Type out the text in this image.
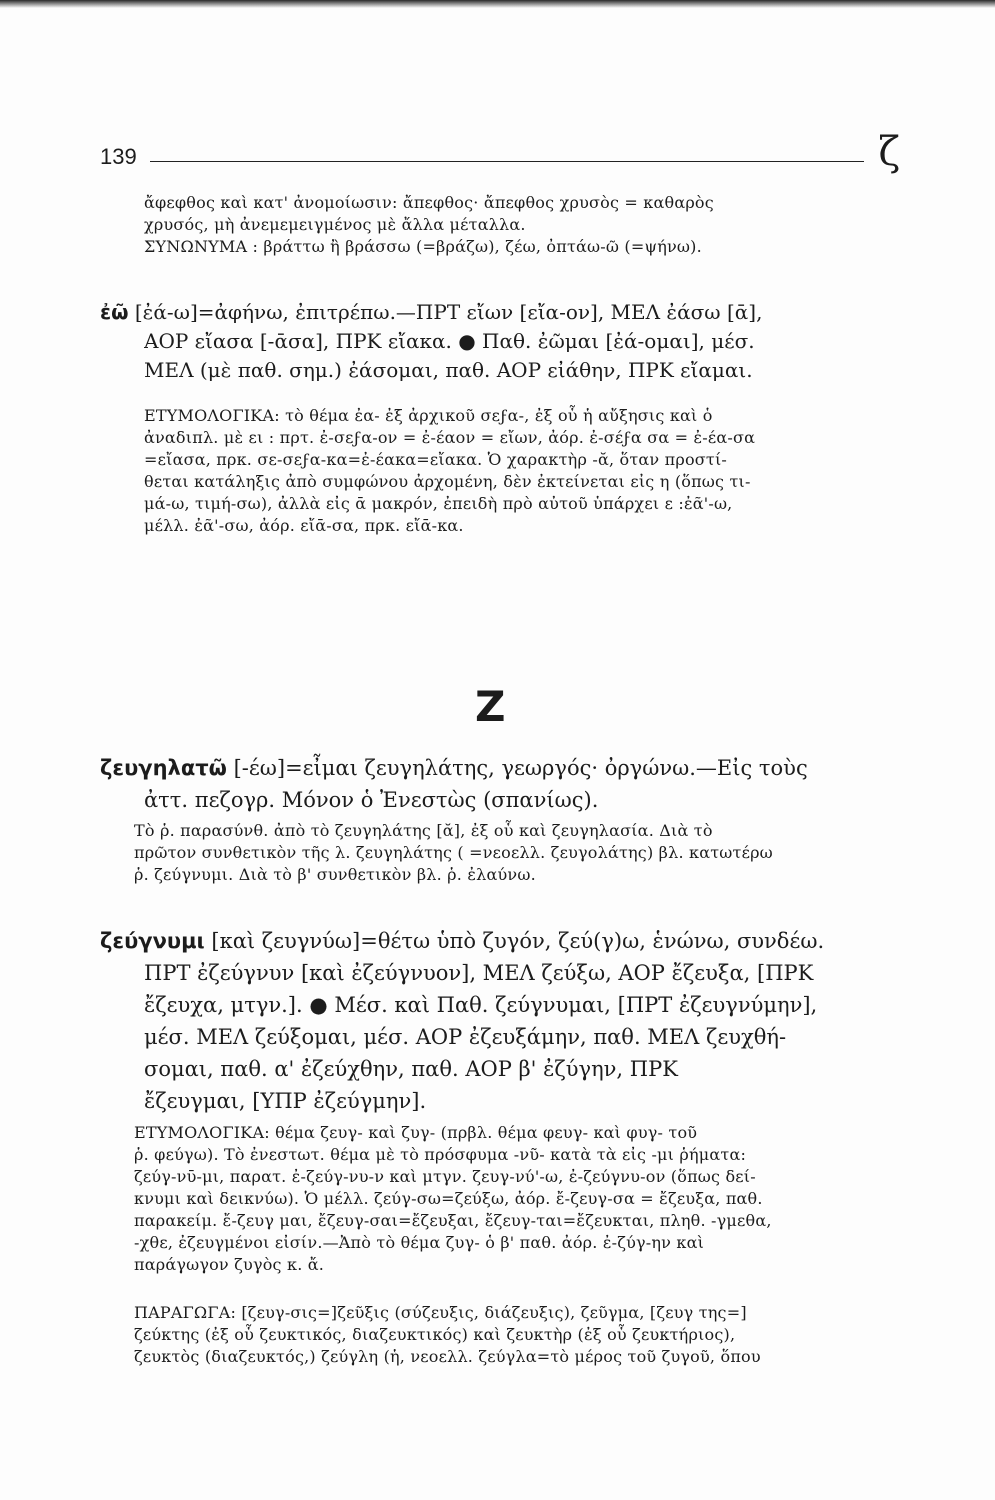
139	ζ
ἄφεφθος καὶ κατ' ἀνομοίωσιν: ἄπεφθος· ἄπεφθος χρυσὸς = καθαρὸς
χρυσός, μὴ ἀνεμεμειγμένος μὲ ἄλλα μέταλλα.
ΣΥΝΩΝΥΜΑ : βράττω ἢ βράσσω (=βράζω), ζέω, ὀπτάω-ῶ (=ψήνω).
ἐῶ [ἐά-ω]=ἀφήνω, ἐπιτρέπω.—ΠΡΤ εἴων [εἴα-ον], ΜΕΛ ἐάσω [ᾱ],
ΑΟΡ εἴασα [-ᾱσα], ΠΡΚ εἴακα. ● Παθ. ἐῶμαι [ἐά-ομαι], μέσ.
ΜΕΛ (μὲ παθ. σημ.) ἐάσομαι, παθ. ΑΟΡ εἰάθην, ΠΡΚ εἴαμαι.
ΕΤΥΜΟΛΟΓΙΚΑ: τὸ θέμα ἐα- ἐξ ἀρχικοῦ σεϝα-, ἐξ οὗ ἡ αὔξησις καὶ ὁ
ἀναδιπλ. μὲ ει : πρτ. ἐ-σεϝα-ον = ἐ-έαον = εἴων, ἀόρ. ἐ-σέϝα σα = ἐ-έα-σα
=εἴασα, πρκ. σε-σεϝα-κα=ἐ-έακα=εἴακα. Ὁ χαρακτὴρ -ᾰ, ὅταν προστί-
θεται κατάληξις ἀπὸ συμφώνου ἀρχομένη, δὲν ἐκτείνεται εἰς η (ὅπως τι-
μά-ω, τιμή-σω), ἀλλὰ εἰς ᾱ μακρόν, ἐπειδὴ πρὸ αὐτοῦ ὑπάρχει ε :ἐᾶ'-ω,
μέλλ. ἐᾶ'-σω, ἀόρ. εἴᾱ-σα, πρκ. εἴᾱ-κα.
Ζ
ζευγηλατῶ [-έω]=εἶμαι ζευγηλάτης, γεωργός· ὀργώνω.—Εἰς τοὺς
ἀττ. πεζογρ. Μόνον ὁ Ἐνεστὼς (σπανίως).
Τὸ ῥ. παρασύνθ. ἀπὸ τὸ ζευγηλάτης [ᾰ], ἐξ οὗ καὶ ζευγηλασία. Διὰ τὸ
πρῶτον συνθετικὸν τῆς λ. ζευγηλάτης ( =νεοελλ. ζευγολάτης) βλ. κατωτέρω
ῥ. ζεύγνυμι. Διὰ τὸ β' συνθετικὸν βλ. ῥ. ἐλαύνω.
ζεύγνυμι [καὶ ζευγνύω]=θέτω ὑπὸ ζυγόν, ζεύ(γ)ω, ἑνώνω, συνδέω.
ΠΡΤ ἐζεύγνυν [καὶ ἐζεύγνυον], ΜΕΛ ζεύξω, ΑΟΡ ἔζευξα, [ΠΡΚ
ἔζευχα, μτγν.]. ● Μέσ. καὶ Παθ. ζεύγνυμαι, [ΠΡΤ ἐζευγνύμην],
μέσ. ΜΕΛ ζεύξομαι, μέσ. ΑΟΡ ἐζευξάμην, παθ. ΜΕΛ ζευχθή-
σομαι, παθ. α' ἐζεύχθην, παθ. ΑΟΡ β' ἐζύγην, ΠΡΚ
ἔζευγμαι, [ΥΠΡ ἐζεύγμην].
ΕΤΥΜΟΛΟΓΙΚΑ: θέμα ζευγ- καὶ ζυγ- (πρβλ. θέμα φευγ- καὶ φυγ- τοῦ
ῥ. φεύγω). Τὸ ἐνεστωτ. θέμα μὲ τὸ πρόσφυμα -νῦ- κατὰ τὰ εἰς -μι ῥήματα:
ζεύγ-νῡ-μι, παρατ. ἐ-ζεύγ-νυ-ν καὶ μτγν. ζευγ-νύ'-ω, ἐ-ζεύγνυ-ον (ὅπως δεί-
κνυμι καὶ δεικνύω). Ὁ μέλλ. ζεύγ-σω=ζεύξω, ἀόρ. ἔ-ζευγ-σα = ἔζευξα, παθ.
παρακείμ. ἔ-ζευγ μαι, ἔζευγ-σαι=ἔζευξαι, ἔζευγ-ται=ἔζευκται, πληθ. -γμεθα,
-χθε, ἐζευγμένοι εἰσίν.—Ἀπὸ τὸ θέμα ζυγ- ὁ β' παθ. ἀόρ. ἐ-ζύγ-ην καὶ
παράγωγον ζυγὸς κ. ἄ.
ΠΑΡΑΓΩΓΑ: [ζευγ-σις=]ζεῦξις (σύζευξις, διάζευξις), ζεῦγμα, [ζευγ της=]
ζεύκτης (ἐξ οὗ ζευκτικός, διαζευκτικός) καὶ ζευκτὴρ (ἐξ οὗ ζευκτήριος),
ζευκτὸς (διαζευκτός,) ζεύγλη (ἡ, νεοελλ. ζεύγλα=τὸ μέρος τοῦ ζυγοῦ, ὅπου
